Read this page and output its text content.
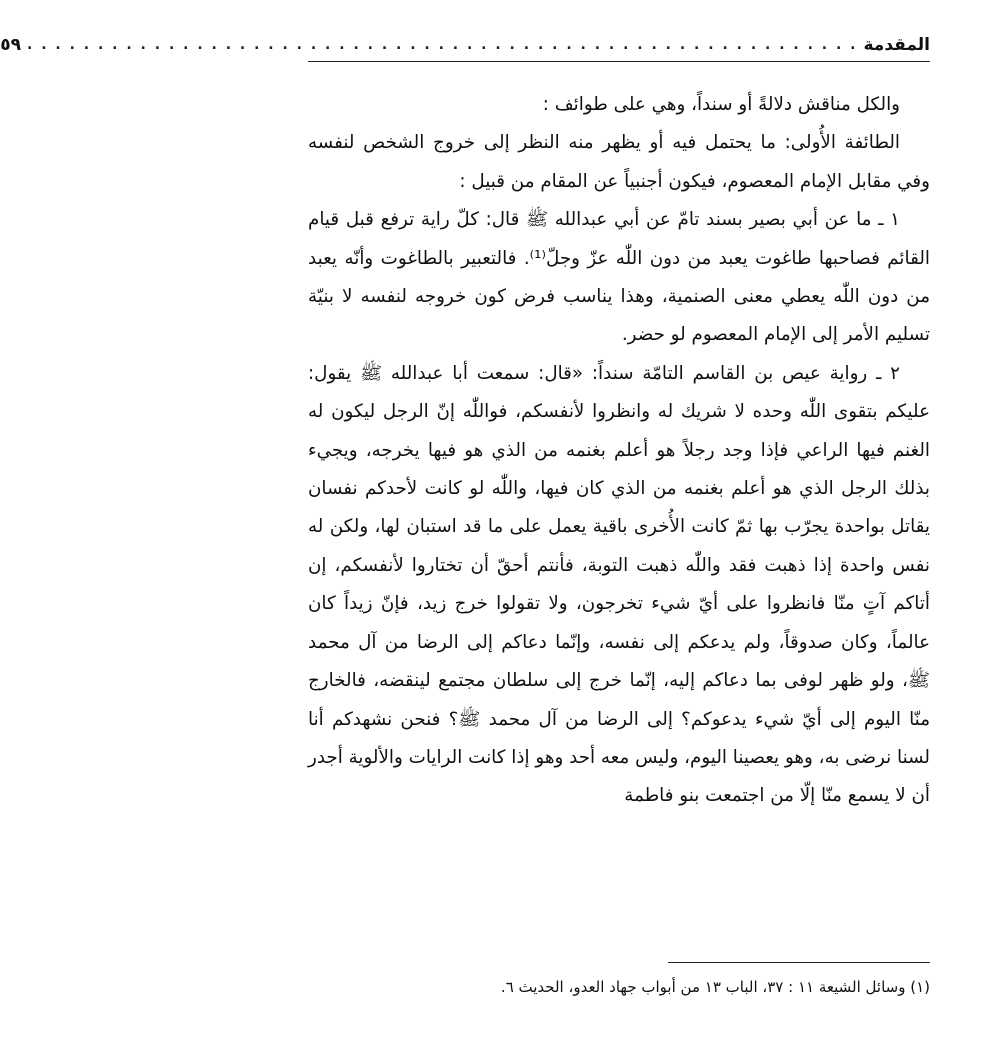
المقدمة
. . . . . . . . . . . . . . . . . . . . . . . . . . . . . . . . . . . . . . . . . . . . . . . . . . . . . . . . . . .
٥٩

والكل مناقش دلالةً أو سنداً، وهي على طوائف :

الطائفة الأُولى: ما يحتمل فيه أو يظهر منه النظر إلى خروج الشخص لنفسه وفي مقابل الإمام المعصوم، فيكون أجنبياً عن المقام من قبيل :

١ ـ ما عن أبي بصير بسند تامّ عن أبي عبدالله ﷺ قال: كلّ راية ترفع قبل قيام القائم فصاحبها طاغوت يعبد من دون اللّٰه عزّ وجلّ⁽¹⁾. فالتعبير بالطاغوت وأنّه يعبد من دون اللّٰه يعطي معنى الصنمية، وهذا يناسب فرض كون خروجه لنفسه لا بنيّة تسليم الأمر إلى الإمام المعصوم لو حضر.

٢ ـ رواية عيص بن القاسم التامّة سنداً: «قال: سمعت أبا عبدالله ﷺ يقول: عليكم بتقوى اللّٰه وحده لا شريك له وانظروا لأنفسكم، فواللّٰه إنّ الرجل ليكون له الغنم فيها الراعي فإذا وجد رجلاً هو أعلم بغنمه من الذي هو فيها يخرجه، ويجيء بذلك الرجل الذي هو أعلم بغنمه من الذي كان فيها، واللّٰه لو كانت لأحدكم نفسان يقاتل بواحدة يجرّب بها ثمّ كانت الأُخرى باقية يعمل على ما قد استبان لها، ولكن له نفس واحدة إذا ذهبت فقد واللّٰه ذهبت التوبة، فأنتم أحقّ أن تختاروا لأنفسكم، إن أتاكم آتٍ منّا فانظروا على أيّ شيء تخرجون، ولا تقولوا خرج زيد، فإنّ زيداً كان عالماً، وكان صدوقاً، ولم يدعكم إلى نفسه، وإنّما دعاكم إلى الرضا من آل محمد ﷺ، ولو ظهر لوفى بما دعاكم إليه، إنّما خرج إلى سلطان مجتمع لينقضه، فالخارج منّا اليوم إلى أيّ شيء يدعوكم؟ إلى الرضا من آل محمد ﷺ؟ فنحن نشهدكم أنا لسنا نرضى به، وهو يعصينا اليوم، وليس معه أحد وهو إذا كانت الرايات والألوية أجدر أن لا يسمع منّا إلّا من اجتمعت بنو فاطمة

(١) وسائل الشيعة ١١ : ٣٧، الباب ١٣ من أبواب جهاد العدو، الحديث ٦.
